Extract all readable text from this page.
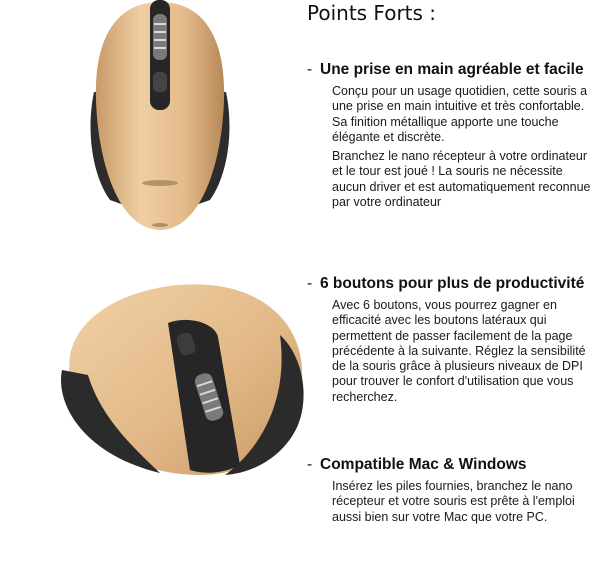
Points Forts :
- Une prise en main agréable et facile

Conçu pour un usage quotidien, cette souris a une prise en main intuitive et très confortable. Sa finition métallique apporte une touche élégante et discrète.

Branchez le nano récepteur à votre ordinateur et le tour est joué ! La souris ne nécessite aucun driver et est automatiquement reconnue par votre ordinateur

- 6 boutons pour plus de productivité

Avec 6 boutons, vous pourrez gagner en efficacité avec les boutons latéraux qui permettent de passer facilement de la page précédente à la suivante. Réglez la sensibilité de la souris grâce à plusieurs niveaux de DPI pour trouver le confort d'utilisation que vous recherchez.

- Compatible Mac & Windows

Insérez les piles fournies, branchez le nano récepteur et votre souris est prête à l'emploi aussi bien sur votre Mac que votre PC.
